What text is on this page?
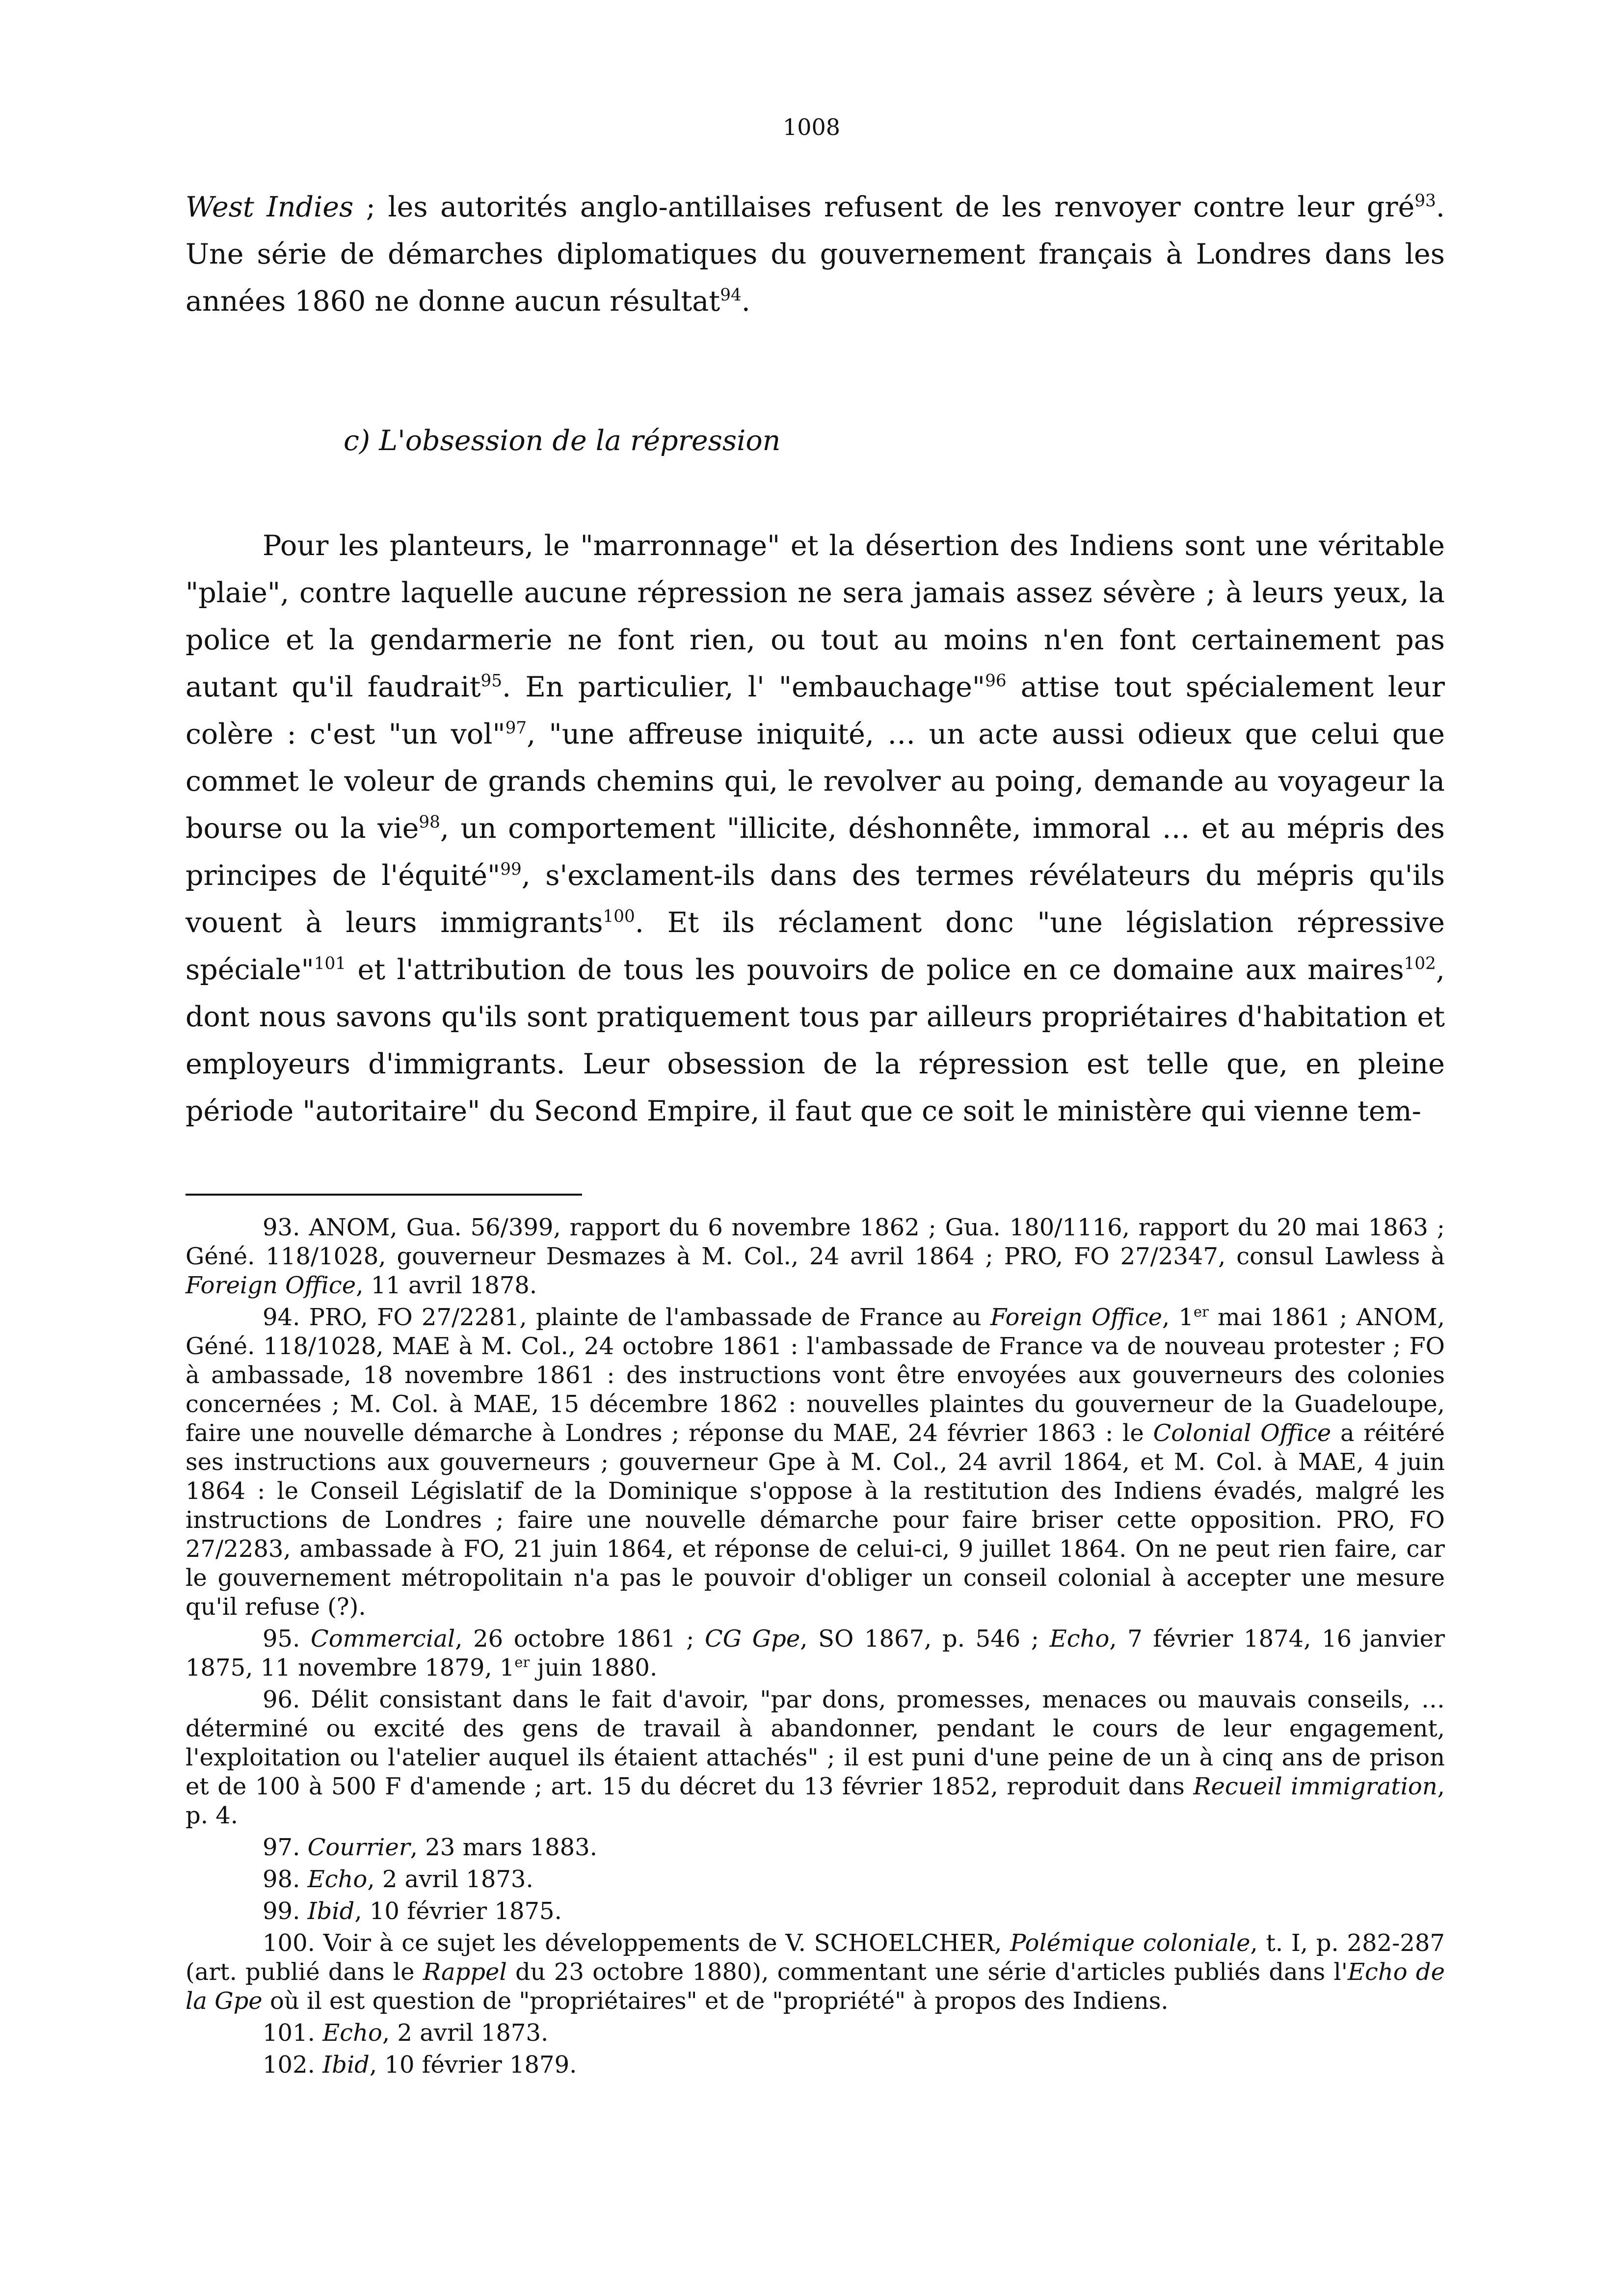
1008

West Indies ; les autorités anglo-antillaises refusent de les renvoyer contre leur gré$^{93}$. Une série de démarches diplomatiques du gouvernement français à Londres dans les années 1860 ne donne aucun résultat$^{94}$.

c) L'obsession de la répression

Pour les planteurs, le "marronnage" et la désertion des Indiens sont une véritable "plaie", contre laquelle aucune répression ne sera jamais assez sévère ; à leurs yeux, la police et la gendarmerie ne font rien, ou tout au moins n'en font certainement pas autant qu'il faudrait$^{95}$. En particulier, l' "embauchage"$^{96}$ attise tout spécialement leur colère : c'est "un vol"$^{97}$, "une affreuse iniquité, … un acte aussi odieux que celui que commet le voleur de grands chemins qui, le revolver au poing, demande au voyageur la bourse ou la vie$^{98}$, un comportement "illicite, déshonnête, immoral … et au mépris des principes de l'équité"$^{99}$, s'exclament-ils dans des termes révélateurs du mépris qu'ils vouent à leurs immigrants$^{100}$. Et ils réclament donc "une législation répressive spéciale"$^{101}$ et l'attribution de tous les pouvoirs de police en ce domaine aux maires$^{102}$, dont nous savons qu'ils sont pratiquement tous par ailleurs propriétaires d'habitation et employeurs d'immigrants. Leur obsession de la répression est telle que, en pleine période "autoritaire" du Second Empire, il faut que ce soit le ministère qui vienne tem-

93. ANOM, Gua. 56/399, rapport du 6 novembre 1862 ; Gua. 180/1116, rapport du 20 mai 1863 ; Géné. 118/1028, gouverneur Desmazes à M. Col., 24 avril 1864 ; PRO, FO 27/2347, consul Lawless à Foreign Office, 11 avril 1878.

94. PRO, FO 27/2281, plainte de l'ambassade de France au Foreign Office, 1er mai 1861 ; ANOM, Géné. 118/1028, MAE à M. Col., 24 octobre 1861 : l'ambassade de France va de nouveau protester ; FO à ambassade, 18 novembre 1861 : des instructions vont être envoyées aux gouverneurs des colonies concernées ; M. Col. à MAE, 15 décembre 1862 : nouvelles plaintes du gouverneur de la Guadeloupe, faire une nouvelle démarche à Londres ; réponse du MAE, 24 février 1863 : le Colonial Office a réitéré ses instructions aux gouverneurs ; gouverneur Gpe à M. Col., 24 avril 1864, et M. Col. à MAE, 4 juin 1864 : le Conseil Législatif de la Dominique s'oppose à la restitution des Indiens évadés, malgré les instructions de Londres ; faire une nouvelle démarche pour faire briser cette opposition. PRO, FO 27/2283, ambassade à FO, 21 juin 1864, et réponse de celui-ci, 9 juillet 1864. On ne peut rien faire, car le gouvernement métropolitain n'a pas le pouvoir d'obliger un conseil colonial à accepter une mesure qu'il refuse (?).

95. Commercial, 26 octobre 1861 ; CG Gpe, SO 1867, p. 546 ; Echo, 7 février 1874, 16 janvier 1875, 11 novembre 1879, 1er juin 1880.

96. Délit consistant dans le fait d'avoir, "par dons, promesses, menaces ou mauvais conseils, … déterminé ou excité des gens de travail à abandonner, pendant le cours de leur engagement, l'exploitation ou l'atelier auquel ils étaient attachés" ; il est puni d'une peine de un à cinq ans de prison et de 100 à 500 F d'amende ; art. 15 du décret du 13 février 1852, reproduit dans Recueil immigration, p. 4.

97. Courrier, 23 mars 1883.

98. Echo, 2 avril 1873.

99. Ibid, 10 février 1875.

100. Voir à ce sujet les développements de V. SCHOELCHER, Polémique coloniale, t. I, p. 282-287 (art. publié dans le Rappel du 23 octobre 1880), commentant une série d'articles publiés dans l'Echo de la Gpe où il est question de "propriétaires" et de "propriété" à propos des Indiens.

101. Echo, 2 avril 1873.

102. Ibid, 10 février 1879.
